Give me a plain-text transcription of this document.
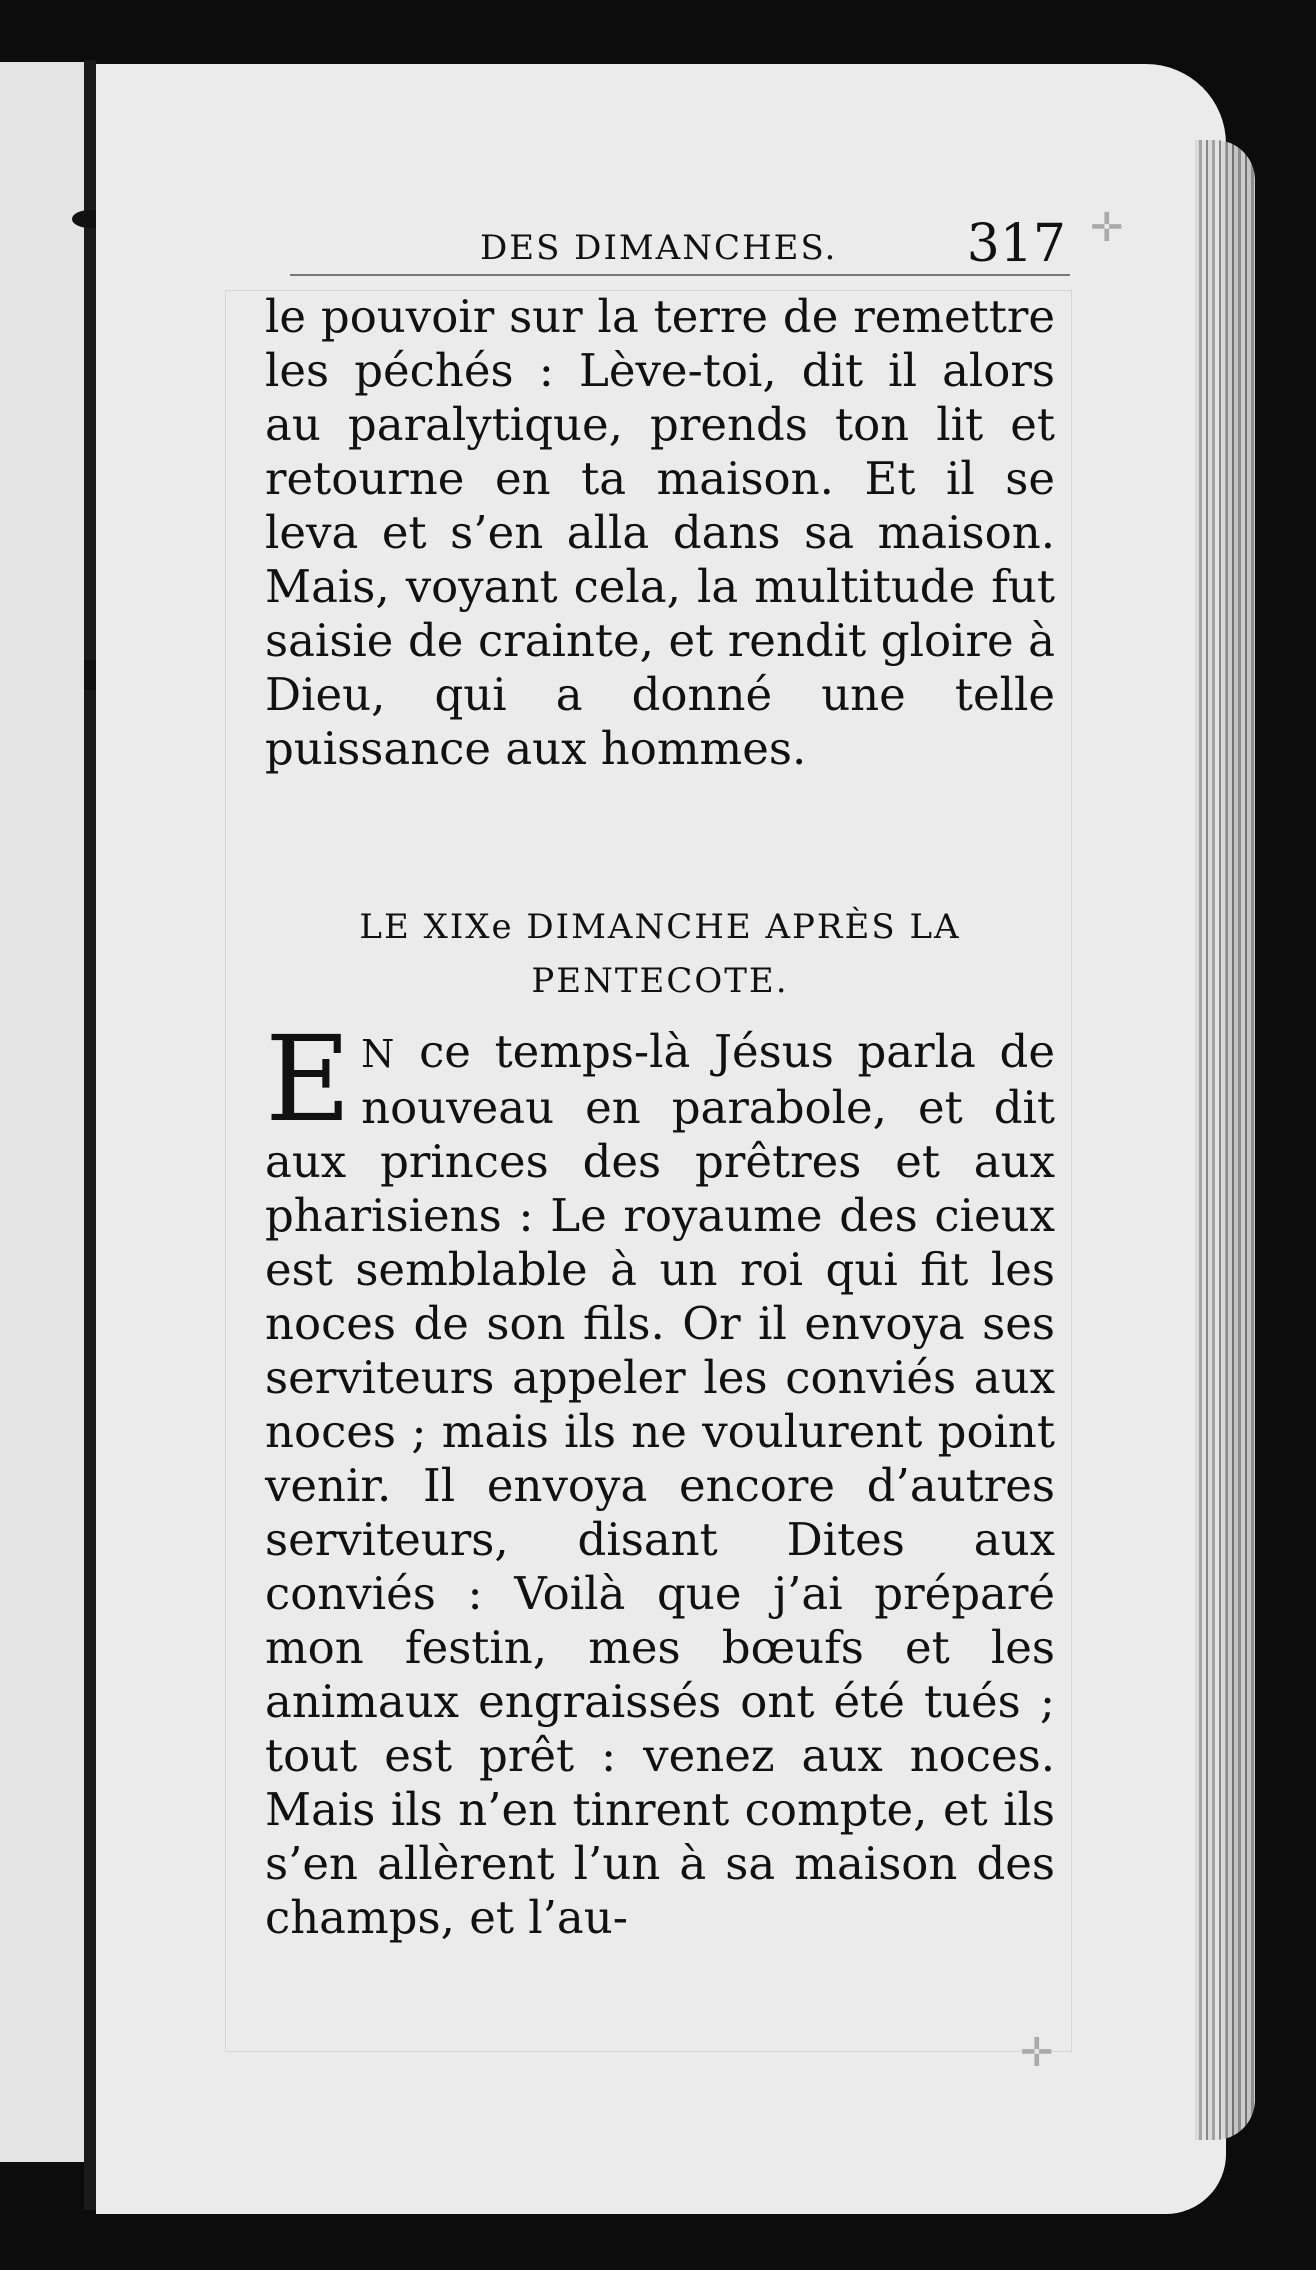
✛
✛
DES DIMANCHES. 317

le pouvoir sur la terre de remettre les péchés : Lève-toi, dit il alors au paralytique, prends ton lit et retourne en ta maison. Et il se leva et s’en alla dans sa maison. Mais, voyant cela, la multitude fut saisie de crainte, et rendit gloire à Dieu, qui a donné une telle puissance aux hommes.

LE XIXe DIMANCHE APRÈS LA
PENTECOTE.

E N ce temps-là Jésus parla de nouveau en parabole, et dit aux princes des prêtres et aux pharisiens : Le royaume des cieux est semblable à un roi qui fit les noces de son fils. Or il envoya ses serviteurs appeler les conviés aux noces ; mais ils ne voulurent point venir. Il envoya encore d’autres serviteurs, disant Dites aux conviés : Voilà que j’ai préparé mon festin, mes bœufs et les animaux engraissés ont été tués ; tout est prêt : venez aux noces. Mais ils n’en tinrent compte, et ils s’en allèrent l’un à sa maison des champs, et l’au-
